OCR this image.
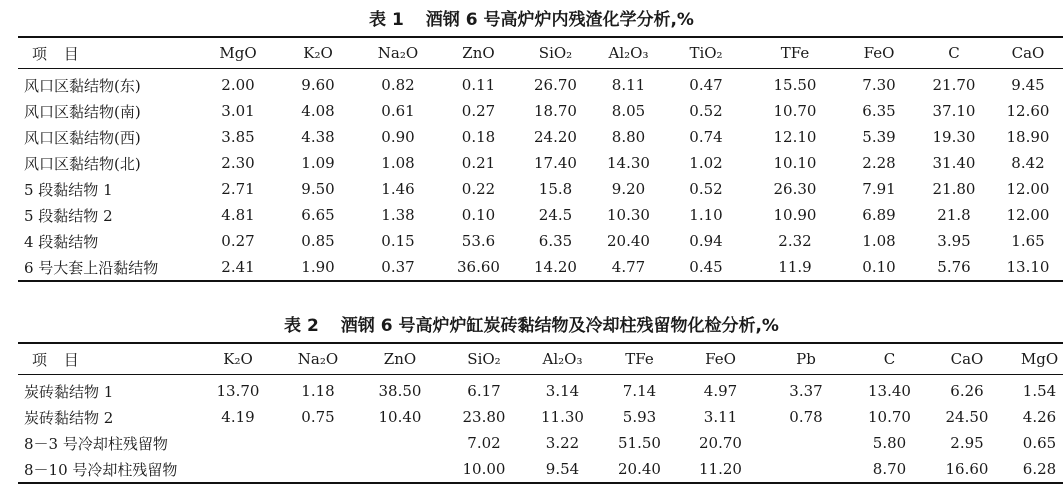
表 1 酒钢 6 号高炉炉内残渣化学分析,%
项 目	MgO	K₂O	Na₂O	ZnO	SiO₂	Al₂O₃	TiO₂	TFe	FeO	C	CaO
风口区黏结物(东)	2.00	9.60	0.82	0.11	26.70	8.11	0.47	15.50	7.30	21.70	9.45
风口区黏结物(南)	3.01	4.08	0.61	0.27	18.70	8.05	0.52	10.70	6.35	37.10	12.60
风口区黏结物(西)	3.85	4.38	0.90	0.18	24.20	8.80	0.74	12.10	5.39	19.30	18.90
风口区黏结物(北)	2.30	1.09	1.08	0.21	17.40	14.30	1.02	10.10	2.28	31.40	8.42
5 段黏结物 1	2.71	9.50	1.46	0.22	15.8	9.20	0.52	26.30	7.91	21.80	12.00
5 段黏结物 2	4.81	6.65	1.38	0.10	24.5	10.30	1.10	10.90	6.89	21.8	12.00
4 段黏结物	0.27	0.85	0.15	53.6	6.35	20.40	0.94	2.32	1.08	3.95	1.65
6 号大套上沿黏结物	2.41	1.90	0.37	36.60	14.20	4.77	0.45	11.9	0.10	5.76	13.10
表 2 酒钢 6 号高炉炉缸炭砖黏结物及冷却柱残留物化检分析,%
项 目	K₂O	Na₂O	ZnO	SiO₂	Al₂O₃	TFe	FeO	Pb	C	CaO	MgO
炭砖黏结物 1	13.70	1.18	38.50	6.17	3.14	7.14	4.97	3.37	13.40	6.26	1.54
炭砖黏结物 2	4.19	0.75	10.40	23.80	11.30	5.93	3.11	0.78	10.70	24.50	4.26
8－3 号冷却柱残留物				7.02	3.22	51.50	20.70		5.80	2.95	0.65
8－10 号冷却柱残留物				10.00	9.54	20.40	11.20		8.70	16.60	6.28
